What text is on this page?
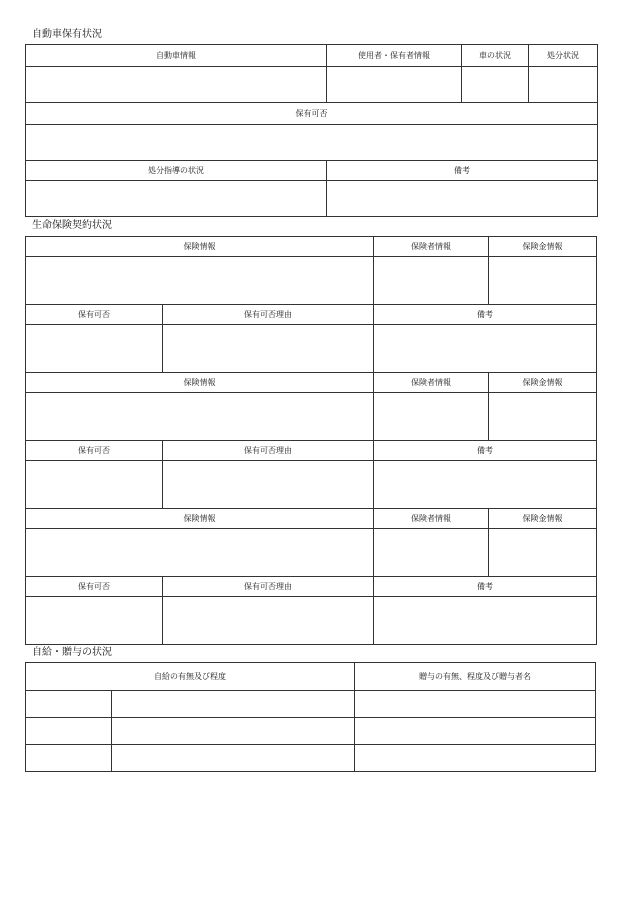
自動車保有状況
自動車情報	使用者・保有者情報	車の状況	処分状況

保有可否			

処分指導の状況	備考		

生命保険契約状況
保険情報		保険者情報	保険金情報

保有可否	保有可否理由	備考	

保険情報		保険者情報	保険金情報

保有可否	保有可否理由	備考	

保険情報		保険者情報	保険金情報

保有可否	保有可否理由	備考	

自給・贈与の状況
自給の有無及び程度		贈与の有無、程度及び贈与者名
